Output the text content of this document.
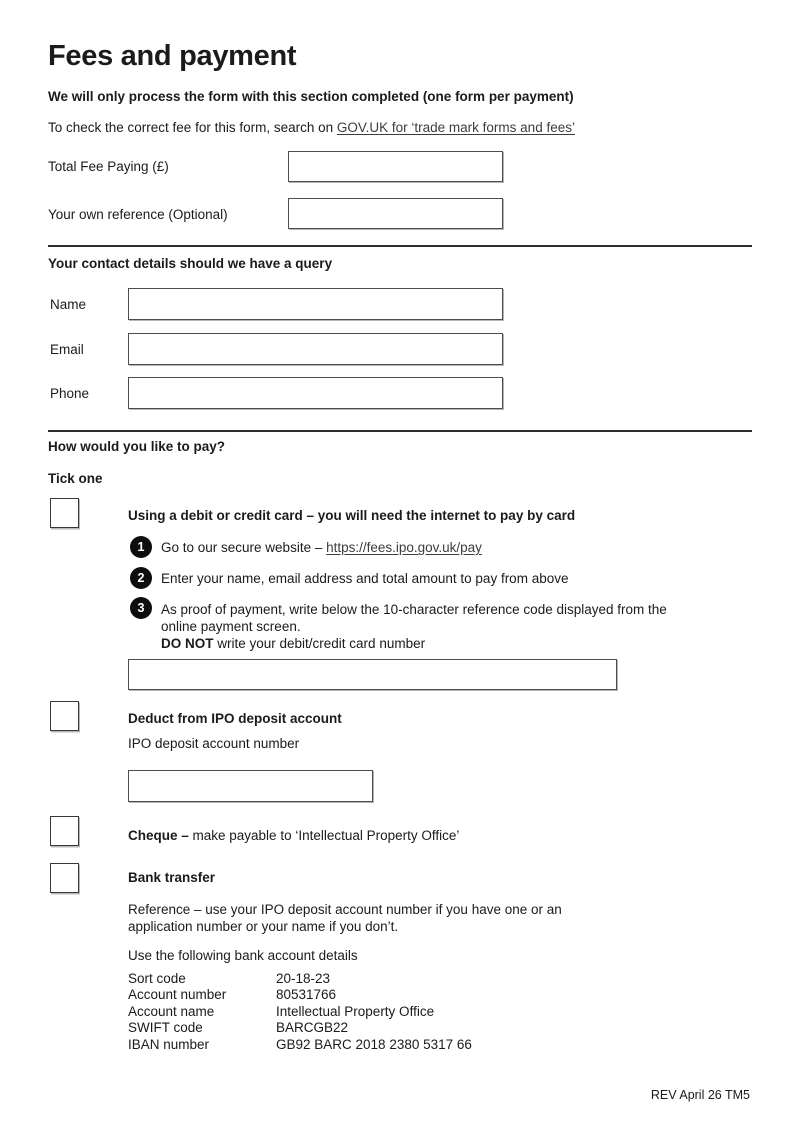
Fees and payment
We will only process the form with this section completed (one form per payment)
To check the correct fee for this form, search on GOV.UK for ‘trade mark forms and fees’
Total Fee Paying (£)
Your own reference (Optional)
Your contact details should we have a query
Name
Email
Phone
How would you like to pay?
Tick one
Using a debit or credit card – you will need the internet to pay by card
1	Go to our secure website – https://fees.ipo.gov.uk/pay
2	Enter your name, email address and total amount to pay from above
3	As proof of payment, write below the 10-character reference code displayed from the online payment screen.
DO NOT write your debit/credit card number
Deduct from IPO deposit account
IPO deposit account number
Cheque – make payable to ‘Intellectual Property Office’
Bank transfer
Reference – use your IPO deposit account number if you have one or an application number or your name if you don’t.
Use the following bank account details
Sort code	20-18-23
Account number	80531766
Account name	Intellectual Property Office
SWIFT code	BARCGB22
IBAN number	GB92 BARC 2018 2380 5317 66
REV April 26 TM5
